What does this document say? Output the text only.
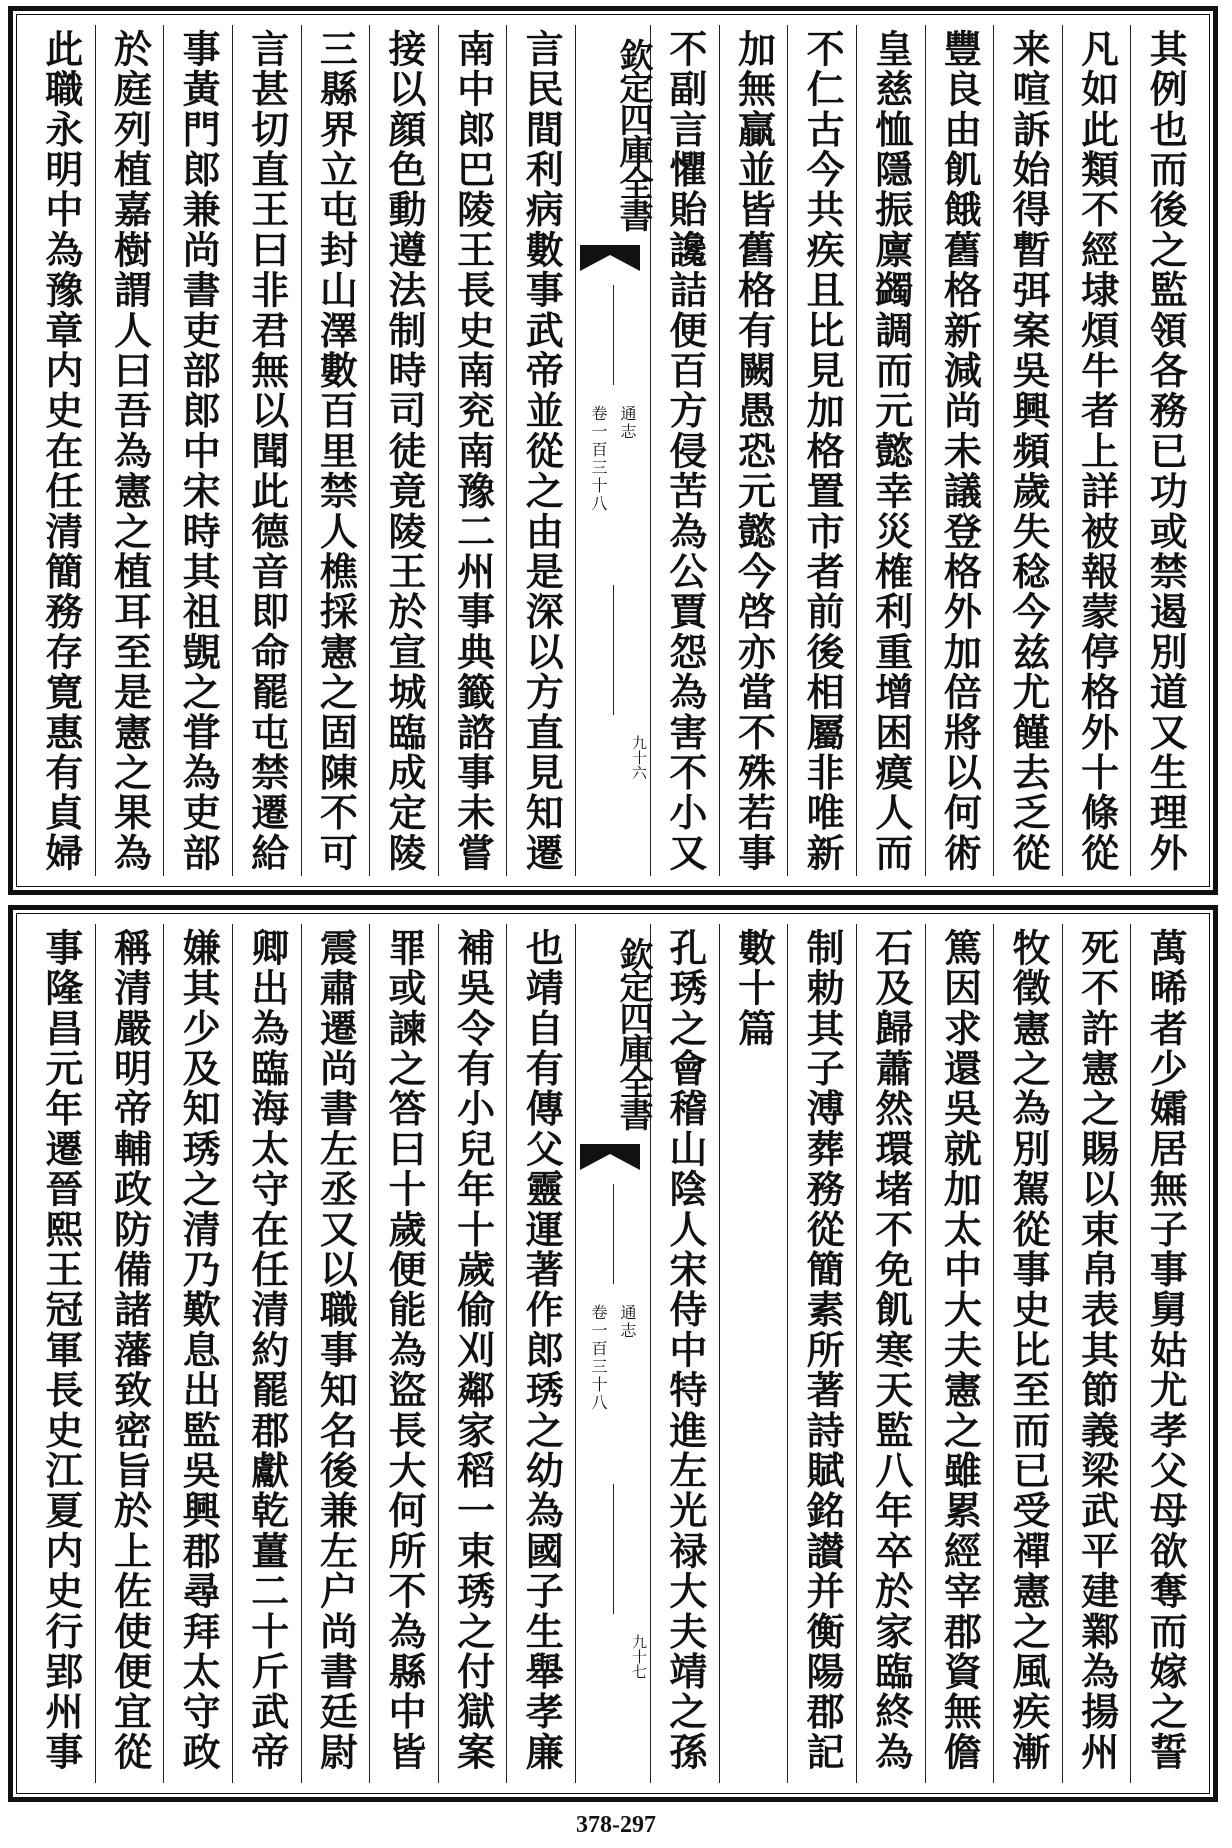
其例也而後之監領各務已功或禁遏別道又生理外
凡如此類不經埭煩牛者上詳被報蒙停格外十條從
来喧訴始得暫弭案吳興頻歲失稔今兹尤饉去乏從
豐良由飢餓舊格新減尚未議登格外加倍將以何術
皇慈恤隱振廪蠲調而元懿幸災榷利重增困瘼人而
不仁古今共疾且比見加格置市者前後相屬非唯新
加無贏並皆舊格有闕愚恐元懿今啓亦當不殊若事
不副言懼貽讒詰便百方侵苦為公賈怨為害不小又
欽定四庫全書
通志
卷一百三十八
九十六
言民間利病數事武帝並從之由是深以方直見知遷
南中郎巴陵王長史南兖南豫二州事典籤諮事未嘗
接以顔色動遵法制時司徒竟陵王於宣城臨成定陵
三縣界立屯封山澤數百里禁人樵採憲之固陳不可
言甚切直王曰非君無以聞此德音即命罷屯禁遷給
事黃門郎兼尚書吏部郎中宋時其祖覬之甞為吏部
於庭列植嘉樹謂人曰吾為憲之植耳至是憲之果為
此職永明中為豫章内史在任清簡務存寛惠有貞婦
萬晞者少孀居無子事舅姑尤孝父母欲奪而嫁之誓
死不許憲之賜以束帛表其節義梁武平建鄴為揚州
牧徵憲之為別駕從事史比至而已受禪憲之風疾漸
篤因求還吳就加太中大夫憲之雖累經宰郡資無儋
石及歸蕭然環堵不免飢寒天監八年卒於家臨終為
制勅其子溥葬務從簡素所著詩賦銘讃并衡陽郡記
數十篇
孔琇之會稽山陰人宋侍中特進左光禄大夫靖之孫
欽定四庫全書
通志
卷一百三十八
九十七
也靖自有傳父靈運著作郎琇之幼為國子生舉孝廉
補吳令有小兒年十歲偷刈鄰家稻一束琇之付獄案
罪或諫之答曰十歲便能為盜長大何所不為縣中皆
震肅遷尚書左丞又以職事知名後兼左户尚書廷尉
卿出為臨海太守在任清約罷郡獻乾薑二十斤武帝
嫌其少及知琇之清乃歎息出監吳興郡尋拜太守政
稱清嚴明帝輔政防備諸藩致密旨於上佐使便宜從
事隆昌元年遷晉熙王冠軍長史江夏内史行郢州事
378-297
